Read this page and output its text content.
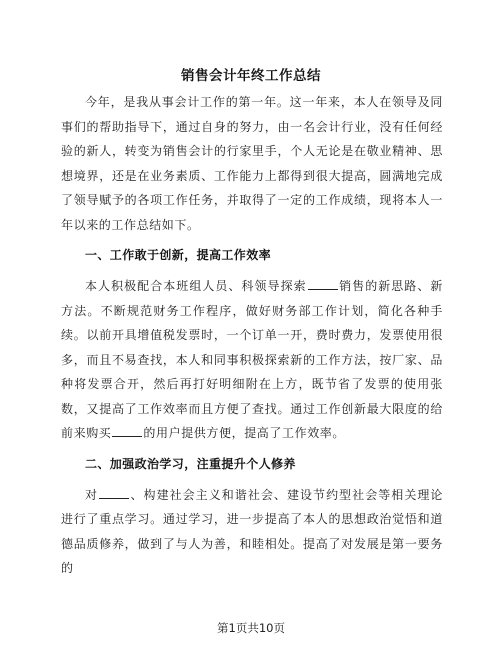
销售会计年终工作总结

今年，是我从事会计工作的第一年。这一年来，本人在领导及同事们的帮助指导下，通过自身的努力，由一名会计行业，没有任何经验的新人，转变为销售会计的行家里手，个人无论是在敬业精神、思想境界，还是在业务素质、工作能力上都得到很大提高，圆满地完成了领导赋予的各项工作任务，并取得了一定的工作成绩，现将本人一年以来的工作总结如下。

一、工作敢于创新，提高工作效率

本人积极配合本班组人员、科领导探索	销售的新思路、新方法。不断规范财务工作程序，做好财务部工作计划，简化各种手续。以前开具增值税发票时，一个订单一开，费时费力，发票使用很多，而且不易查找，本人和同事积极探索新的工作方法，按厂家、品种将发票合开，然后再打好明细附在上方，既节省了发票的使用张数，又提高了工作效率而且方便了查找。通过工作创新最大限度的给前来购买	的用户提供方便，提高了工作效率。

二、加强政治学习，注重提升个人修养

对	、构建社会主义和谐社会、建设节约型社会等相关理论进行了重点学习。通过学习，进一步提高了本人的思想政治觉悟和道德品质修养，做到了与人为善，和睦相处。提高了对发展是第一要务的

第1页共10页
